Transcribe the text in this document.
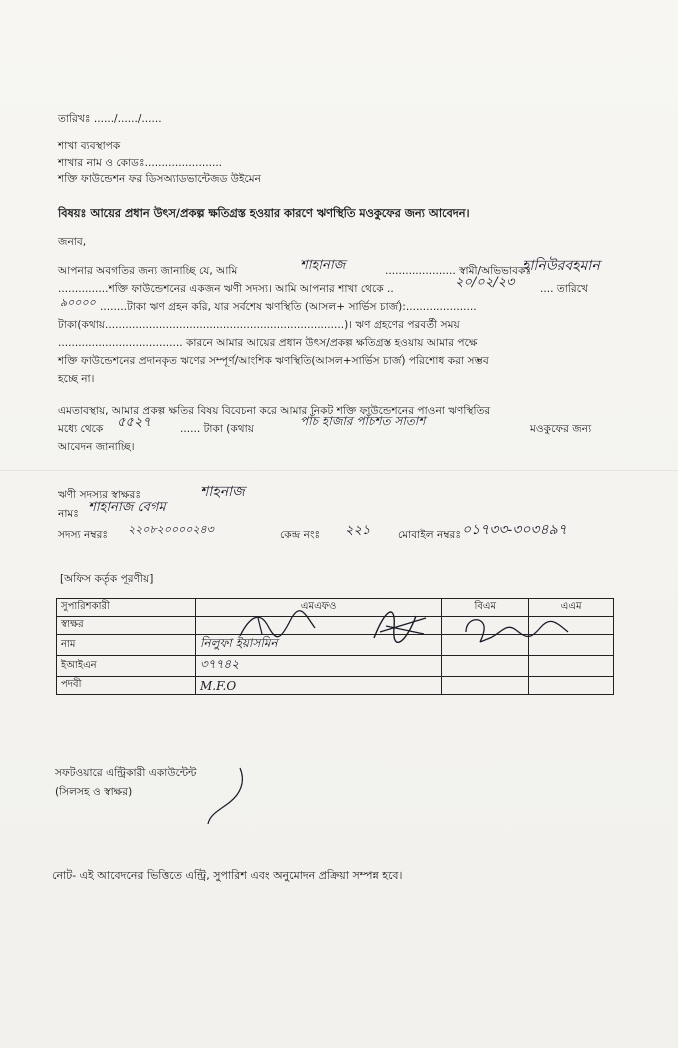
তারিখঃ ....../....../......
শাখা ব্যবস্থাপক
শাখার নাম ও কোডঃ.......................
শক্তি ফাউন্ডেশন ফর ডিসঅ্যাডভান্টেজড উইমেন
বিষয়ঃ আয়ের প্রধান উৎস/প্রকল্প ক্ষতিগ্রস্ত হওয়ার কারণে ঋণস্থিতি মওকুফের জন্য আবেদন।
জনাব,
আপনার অবগতির জন্য জানাচ্ছি যে, আমি	শাহানাজ	..................... স্বামী/অভিভাবকঃ
হানিউরবহমান
...............শক্তি ফাউন্ডেশনের একজন ঋণী সদস্য। আমি আপনার শাখা থেকে ..	২০/০২/২৩ .... তারিখে
৯০০০০ ........টাকা ঋণ গ্রহন করি, যার সর্বশেষ ঋণস্থিতি (আসল+ সার্ভিস চার্জ):.....................
টাকা(কথায়.......................................................................)। ঋণ গ্রহণের পরবর্তী সময়
..................................... কারনে আমার আয়ের প্রধান উৎস/প্রকল্প ক্ষতিগ্রস্ত হওয়ায় আমার পক্ষে
শক্তি ফাউন্ডেশনের প্রদানকৃত ঋণের সম্পূর্ণ/আংশিক ঋণস্থিতি(আসল+সার্ভিস চার্জ) পরিশোধ করা সম্ভব
হচ্ছে না।
এমতাবস্থায়, আমার প্রকল্প ক্ষতির বিষয় বিবেচনা করে আমার নিকট শক্তি ফাউন্ডেশনের পাওনা ঋণস্থিতির
মধ্যে থেকে ৫৫২৭	...... টাকা (কথায়
পাঁচ হাজার পাঁচশত সাতাশ
মওকুফের জন্য
আবেদন জানাচ্ছি।
ঋণী সদস্যর স্বাক্ষরঃ	শাহনাজ
নামঃ শাহানাজ বেগম
সদস্য নম্বরঃ ২২০৮২০০০০২৪৩	কেন্দ্র নংঃ ২২১	মোবাইল নম্বরঃ ০১৭৩৩-৩০৩৪৯৭
[অফিস কর্তৃক পূরণীয়]
সুপারিশকারী	এমএফও	বিএম	এএম
স্বাক্ষর			
নাম	নিলুফা ইয়াসমিন		
ইআইএন	৩৭৭৪২		
পদবী	M.F.O		
সফটওয়ারে এন্ট্রিকারী একাউন্টেন্ট
(সিলসহ ও স্বাক্ষর)
নোট- এই আবেদনের ভিত্তিতে এন্ট্রি, সুপারিশ এবং অনুমোদন প্রক্রিয়া সম্পন্ন হবে।
